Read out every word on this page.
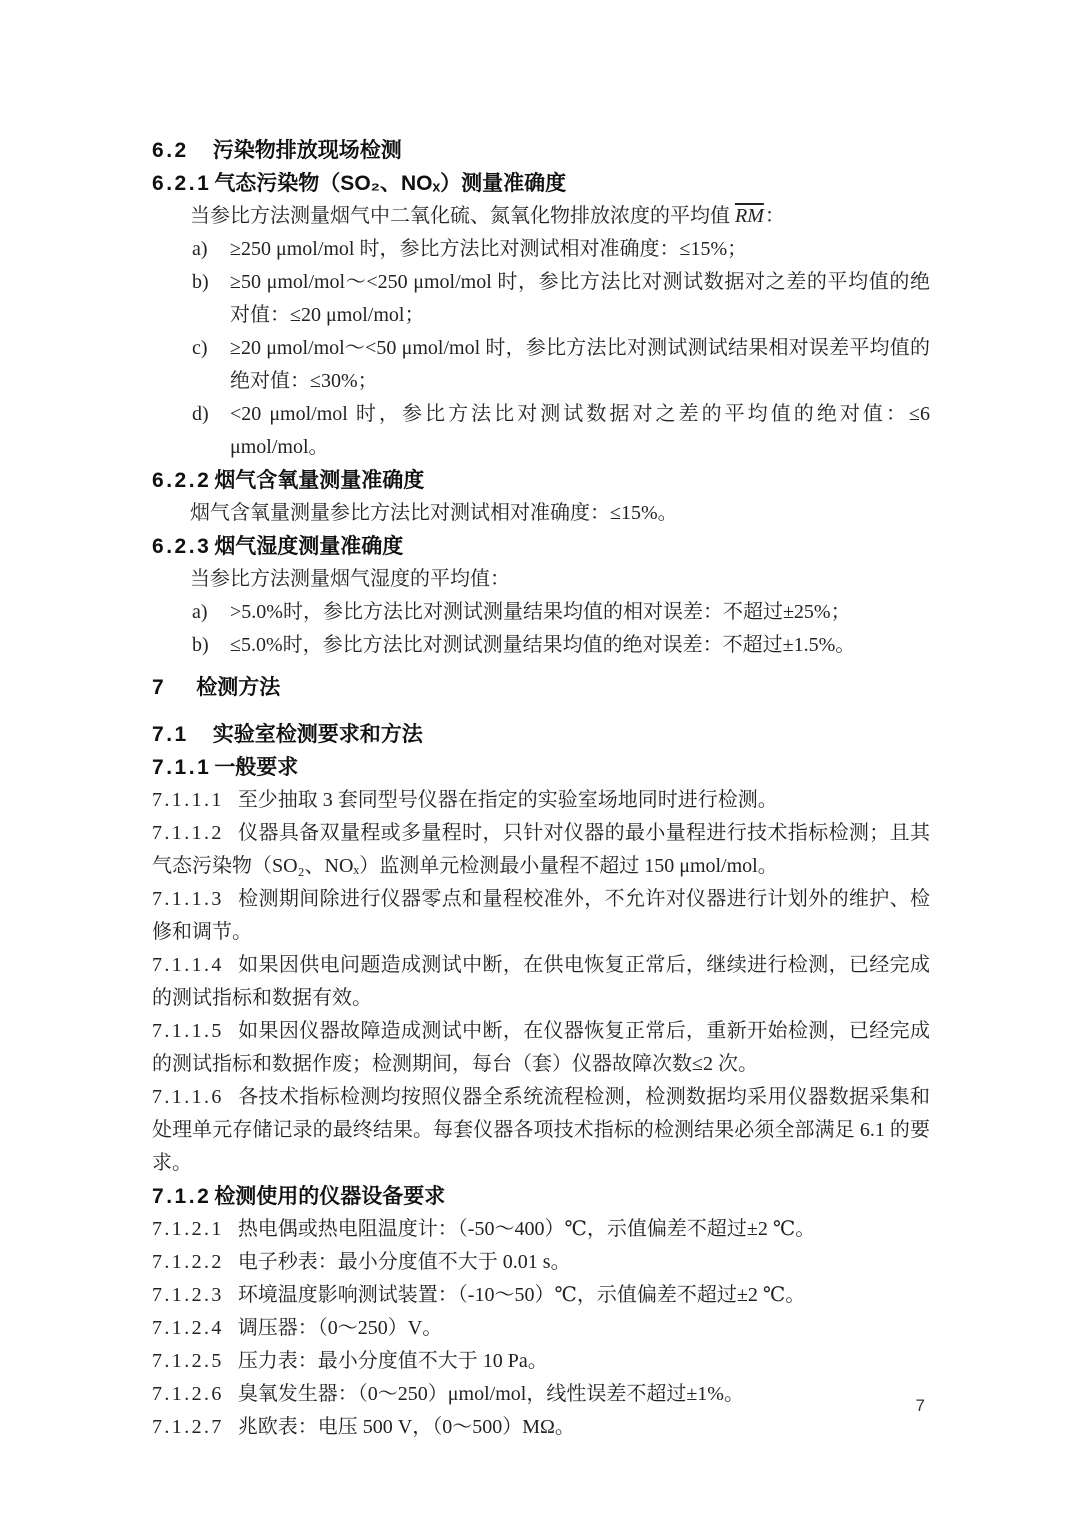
6.2 污染物排放现场检测
6.2.1 气态污染物（SO₂、NOₓ）测量准确度

当参比方法测量烟气中二氧化硫、氮氧化物排放浓度的平均值 $\overline{RM}$：

a)	≥250 μmol/mol 时，参比方法比对测试相对准确度：≤15%；
b)	≥50 μmol/mol～<250 μmol/mol 时，参比方法比对测试数据对之差的平均值的绝对值：≤20 μmol/mol；
c)	≥20 μmol/mol～<50 μmol/mol 时，参比方法比对测试测试结果相对误差平均值的绝对值：≤30%；
d)	<20 μmol/mol 时，参比方法比对测试数据对之差的平均值的绝对值：≤6 μmol/mol。
6.2.2 烟气含氧量测量准确度

烟气含氧量测量参比方法比对测试相对准确度：≤15%。

6.2.3 烟气湿度测量准确度

当参比方法测量烟气湿度的平均值：

a)	>5.0%时，参比方法比对测试测量结果均值的相对误差：不超过±25%；
b)	≤5.0%时，参比方法比对测试测量结果均值的绝对误差：不超过±1.5%。
7 检测方法
7.1 实验室检测要求和方法
7.1.1 一般要求

7.1.1.1 至少抽取 3 套同型号仪器在指定的实验室场地同时进行检测。

7.1.1.2 仪器具备双量程或多量程时，只针对仪器的最小量程进行技术指标检测；且其气态污染物（SO₂、NOₓ）监测单元检测最小量程不超过 150 μmol/mol。

7.1.1.3 检测期间除进行仪器零点和量程校准外，不允许对仪器进行计划外的维护、检修和调节。

7.1.1.4 如果因供电问题造成测试中断，在供电恢复正常后，继续进行检测，已经完成的测试指标和数据有效。

7.1.1.5 如果因仪器故障造成测试中断，在仪器恢复正常后，重新开始检测，已经完成的测试指标和数据作废；检测期间，每台（套）仪器故障次数≤2 次。

7.1.1.6 各技术指标检测均按照仪器全系统流程检测，检测数据均采用仪器数据采集和处理单元存储记录的最终结果。每套仪器各项技术指标的检测结果必须全部满足 6.1 的要求。

7.1.2 检测使用的仪器设备要求

7.1.2.1 热电偶或热电阻温度计：（-50～400）℃，示值偏差不超过±2 ℃。

7.1.2.2 电子秒表：最小分度值不大于 0.01 s。

7.1.2.3 环境温度影响测试装置：（-10～50）℃，示值偏差不超过±2 ℃。

7.1.2.4 调压器：（0～250）V。

7.1.2.5 压力表：最小分度值不大于 10 Pa。

7.1.2.6 臭氧发生器：（0～250）μmol/mol，线性误差不超过±1%。

7.1.2.7 兆欧表：电压 500 V，（0～500）MΩ。

7
